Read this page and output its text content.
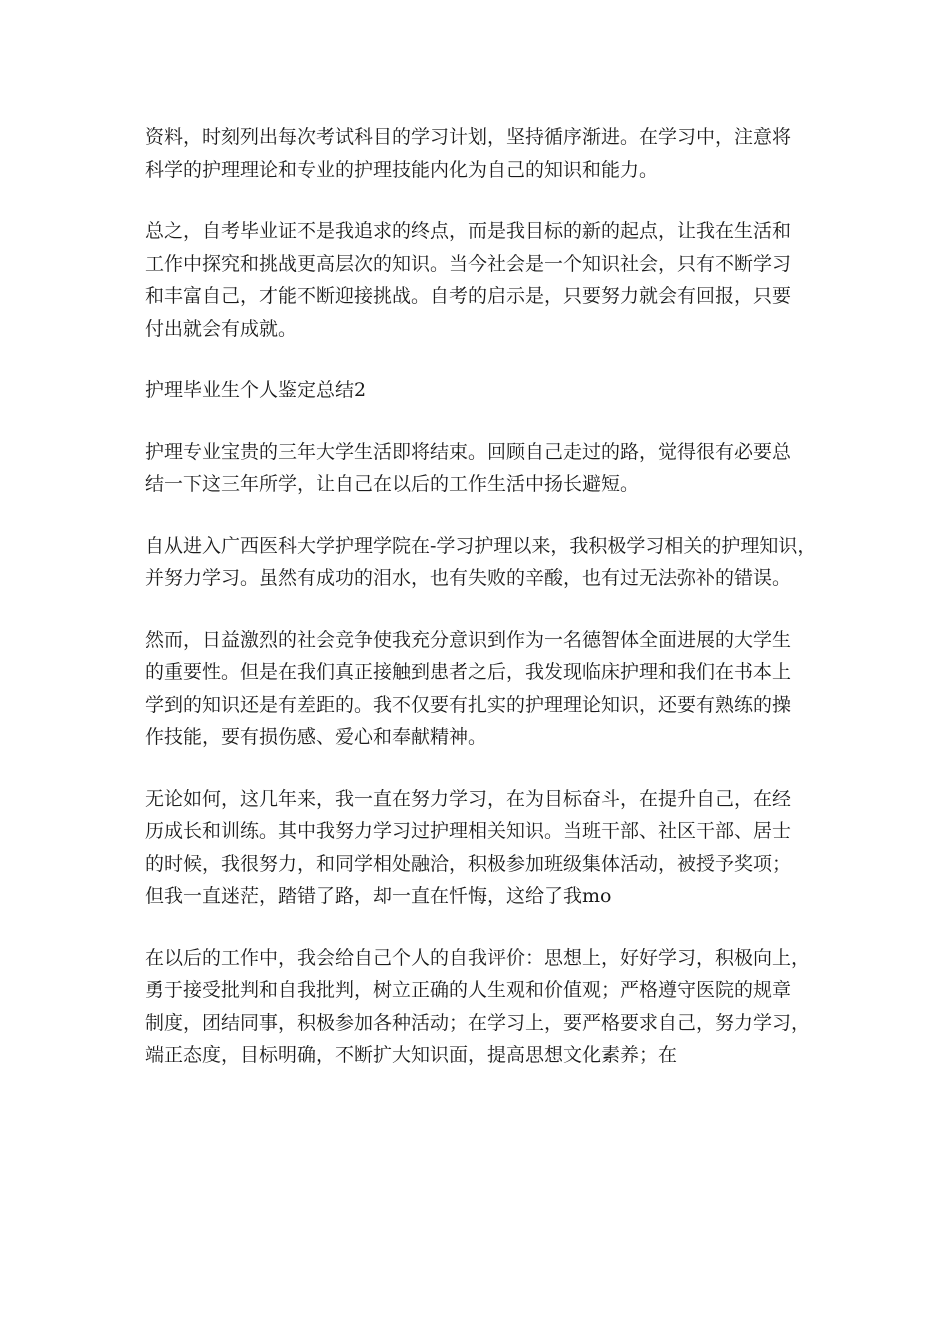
资料，时刻列出每次考试科目的学习计划，坚持循序渐进。在学习中，注意将
科学的护理理论和专业的护理技能内化为自己的知识和能力。
总之，自考毕业证不是我追求的终点，而是我目标的新的起点，让我在生活和
工作中探究和挑战更高层次的知识。当今社会是一个知识社会，只有不断学习
和丰富自己，才能不断迎接挑战。自考的启示是，只要努力就会有回报，只要
付出就会有成就。
护理毕业生个人鉴定总结2
护理专业宝贵的三年大学生活即将结束。回顾自己走过的路，觉得很有必要总
结一下这三年所学，让自己在以后的工作生活中扬长避短。
自从进入广西医科大学护理学院在-学习护理以来，我积极学习相关的护理知识，
并努力学习。虽然有成功的泪水，也有失败的辛酸，也有过无法弥补的错误。
然而，日益激烈的社会竞争使我充分意识到作为一名德智体全面进展的大学生
的重要性。但是在我们真正接触到患者之后，我发现临床护理和我们在书本上
学到的知识还是有差距的。我不仅要有扎实的护理理论知识，还要有熟练的操
作技能，要有损伤感、爱心和奉献精神。
无论如何，这几年来，我一直在努力学习，在为目标奋斗，在提升自己，在经
历成长和训练。其中我努力学习过护理相关知识。当班干部、社区干部、居士
的时候，我很努力，和同学相处融洽，积极参加班级集体活动，被授予奖项；
但我一直迷茫，踏错了路，却一直在忏悔，这给了我mo
在以后的工作中，我会给自己个人的自我评价：思想上，好好学习，积极向上，
勇于接受批判和自我批判，树立正确的人生观和价值观；严格遵守医院的规章
制度，团结同事，积极参加各种活动；在学习上，要严格要求自己，努力学习，
端正态度，目标明确，不断扩大知识面，提高思想文化素养；在
